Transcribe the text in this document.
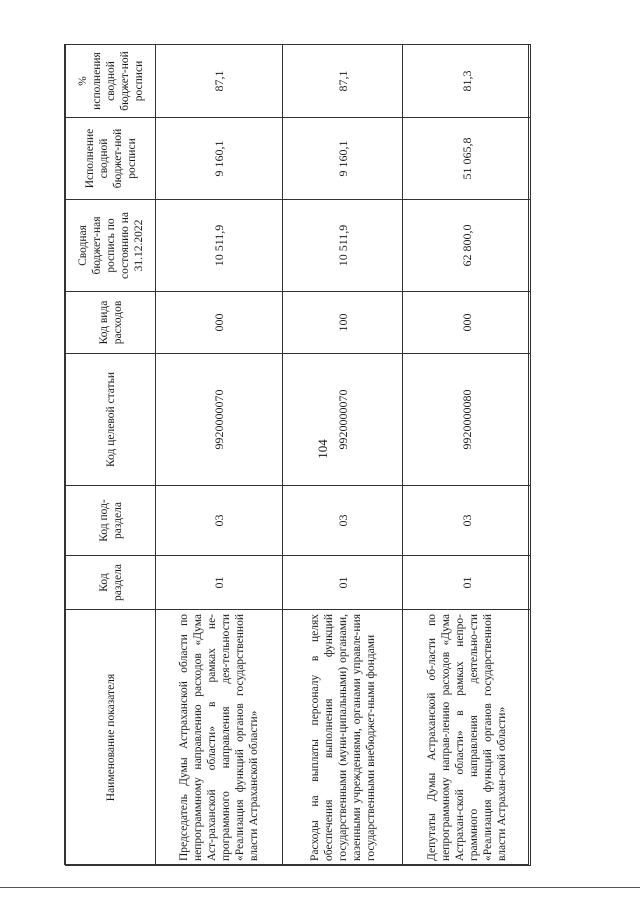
104
Наименование показателя	Код раздела	Код под-раздела	Код целевой статьи	Код вида расходов	Сводная бюджет-ная роспись по состоянию на 31.12.2022	Исполнение сводной бюджет-ной росписи	% исполнения сводной бюджет-ной росписи
Председатель Думы Астраханской области по непрограммному направлению расходов «Дума Аст-раханской области» в рамках не-программного направления дея-тельности «Реализация функций органов государственной власти Астраханской области»	01	03	9920000070	000	10 511,9	9 160,1	87,1
Расходы на выплаты персоналу в целях обеспечения выполнения функций государственными (муни-ципальными) органами, казенными учреждениями, органами управле-ния государственными внебюджет-ными фондами	01	03	9920000070	100	10 511,9	9 160,1	87,1
Депутаты Думы Астраханской об-ласти по непрограммному направ-лению расходов «Дума Астрахан-ской области» в рамках непро-граммного направления деятельно-сти «Реализация функций органов государственной власти Астрахан-ской области»	01	03	9920000080	000	62 800,0	51 065,8	81,3
